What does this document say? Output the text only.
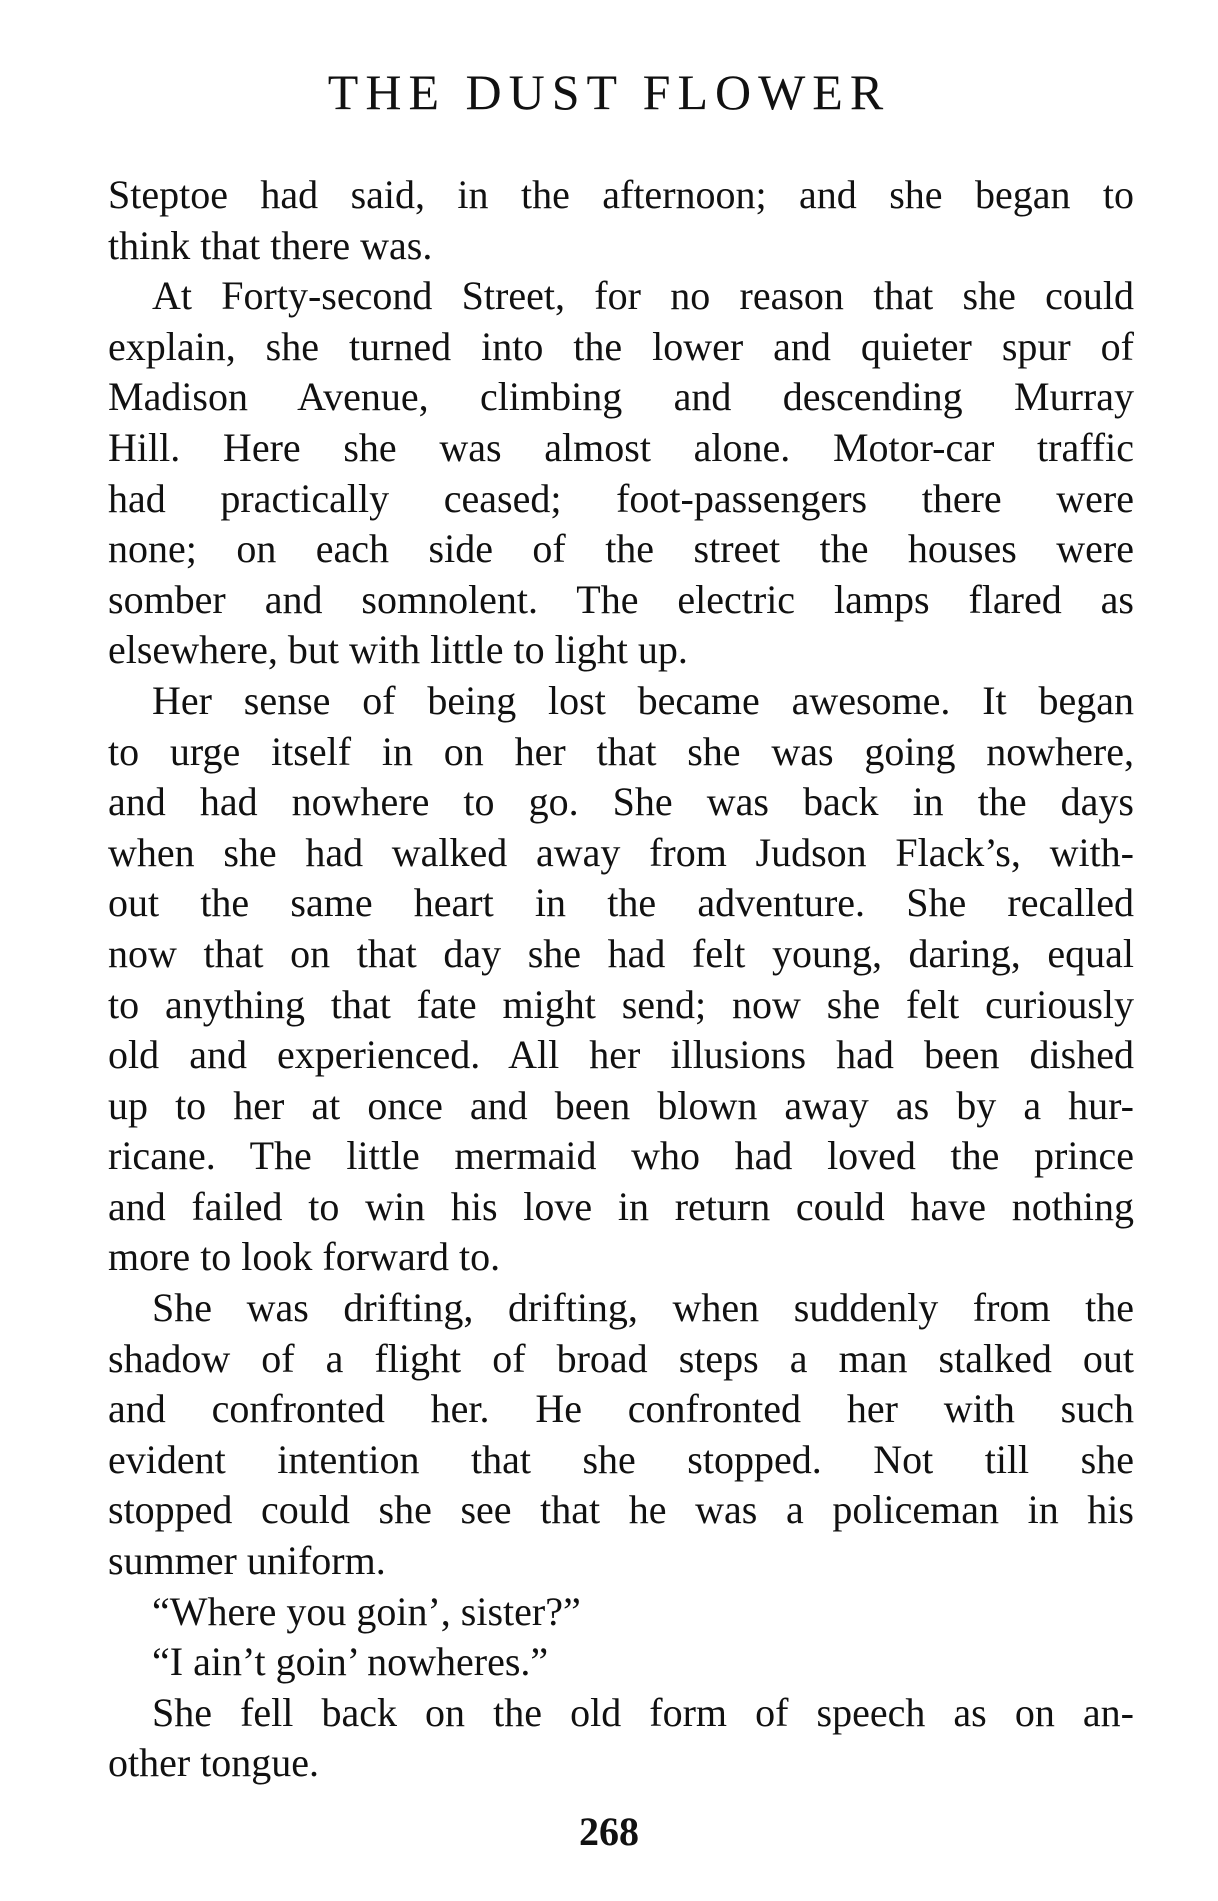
THE DUST FLOWER
Steptoe had said, in the afternoon; and she began to
think that there was.
At Forty-second Street, for no reason that she could
explain, she turned into the lower and quieter spur of
Madison Avenue, climbing and descending Murray
Hill. Here she was almost alone. Motor-car traffic
had practically ceased; foot-passengers there were
none; on each side of the street the houses were
somber and somnolent. The electric lamps flared as
elsewhere, but with little to light up.
Her sense of being lost became awesome. It began
to urge itself in on her that she was going nowhere,
and had nowhere to go. She was back in the days
when she had walked away from Judson Flack’s, with-
out the same heart in the adventure. She recalled
now that on that day she had felt young, daring, equal
to anything that fate might send; now she felt curiously
old and experienced. All her illusions had been dished
up to her at once and been blown away as by a hur-
ricane. The little mermaid who had loved the prince
and failed to win his love in return could have nothing
more to look forward to.
She was drifting, drifting, when suddenly from the
shadow of a flight of broad steps a man stalked out
and confronted her. He confronted her with such
evident intention that she stopped. Not till she
stopped could she see that he was a policeman in his
summer uniform.
“Where you goin’, sister?”
“I ain’t goin’ nowheres.”
She fell back on the old form of speech as on an-
other tongue.
268
